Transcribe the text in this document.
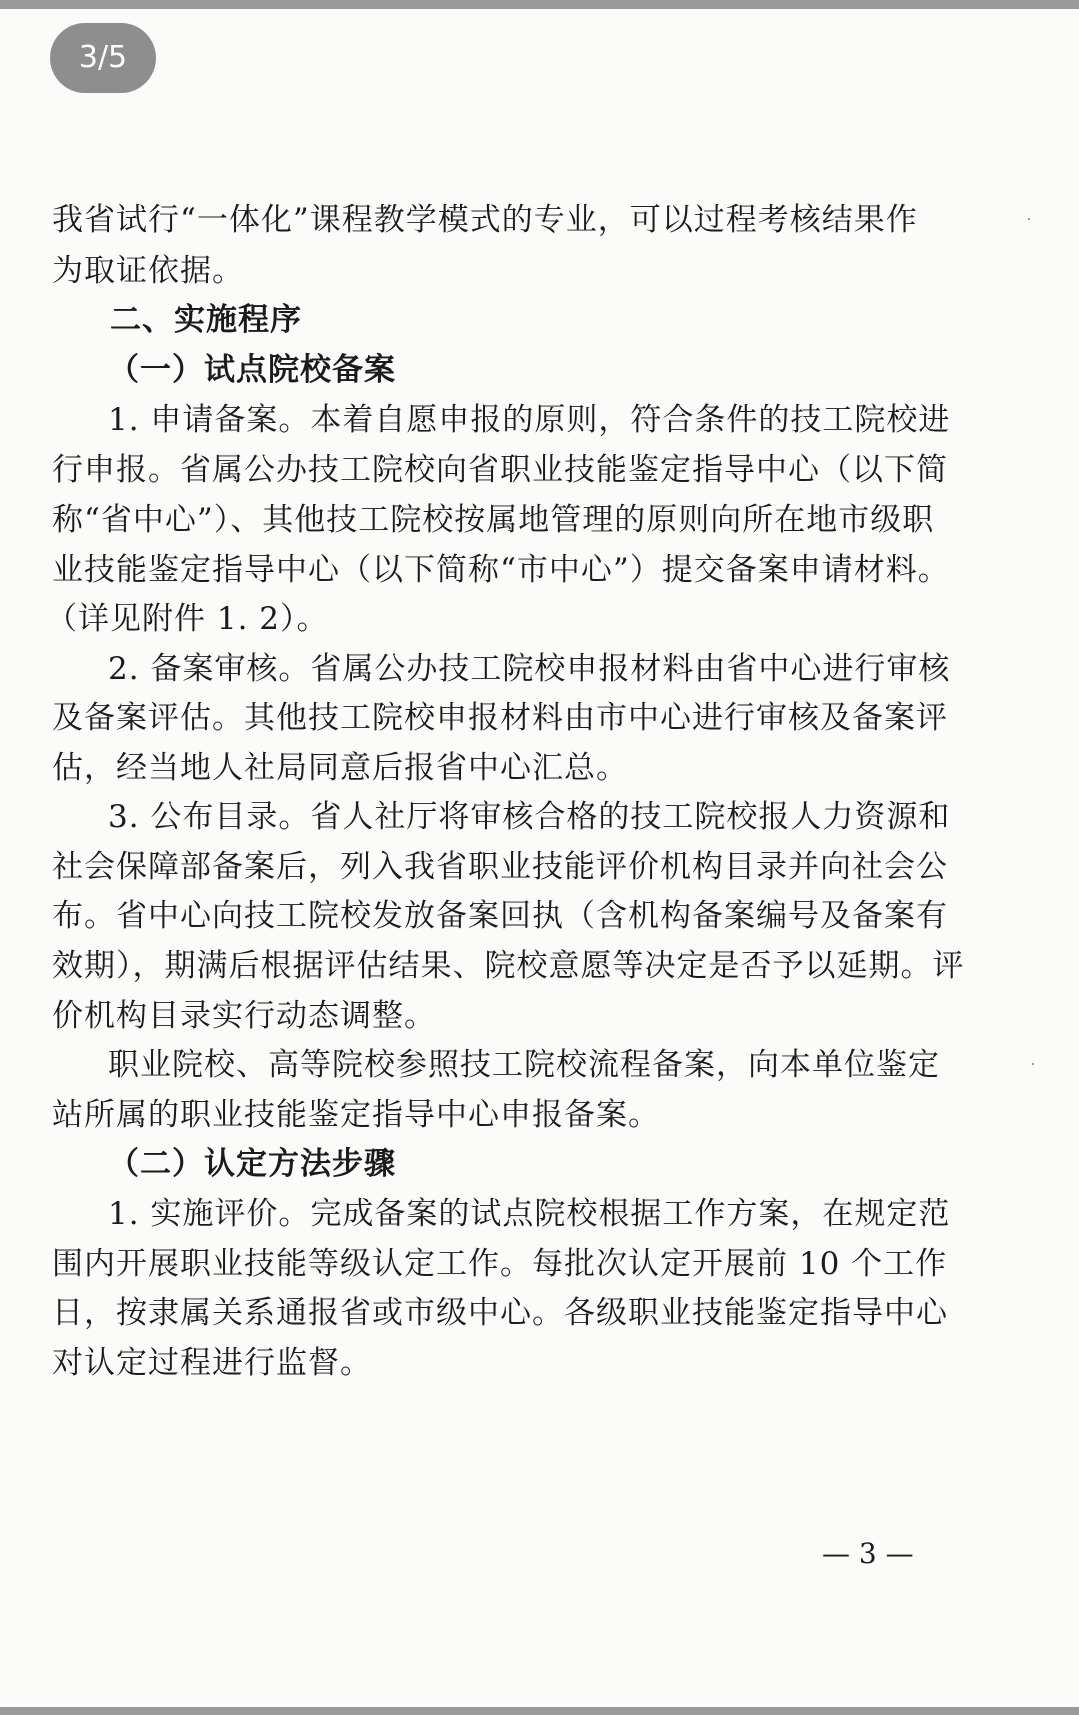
我省试行“一体化”课程教学模式的专业，可以过程考核结果作
为取证依据。
二、实施程序
（一）试点院校备案
1. 申请备案。本着自愿申报的原则，符合条件的技工院校进
行申报。省属公办技工院校向省职业技能鉴定指导中心（以下简
称“省中心”）、其他技工院校按属地管理的原则向所在地市级职
业技能鉴定指导中心（以下简称“市中心”）提交备案申请材料。
（详见附件 1. 2）。
2. 备案审核。省属公办技工院校申报材料由省中心进行审核
及备案评估。其他技工院校申报材料由市中心进行审核及备案评
估，经当地人社局同意后报省中心汇总。
3. 公布目录。省人社厅将审核合格的技工院校报人力资源和
社会保障部备案后，列入我省职业技能评价机构目录并向社会公
布。省中心向技工院校发放备案回执（含机构备案编号及备案有
效期），期满后根据评估结果、院校意愿等决定是否予以延期。评
价机构目录实行动态调整。
职业院校、高等院校参照技工院校流程备案，向本单位鉴定
站所属的职业技能鉴定指导中心申报备案。
（二）认定方法步骤
1. 实施评价。完成备案的试点院校根据工作方案，在规定范
围内开展职业技能等级认定工作。每批次认定开展前 10 个工作
日，按隶属关系通报省或市级中心。各级职业技能鉴定指导中心
对认定过程进行监督。
— 3 —
3/5
